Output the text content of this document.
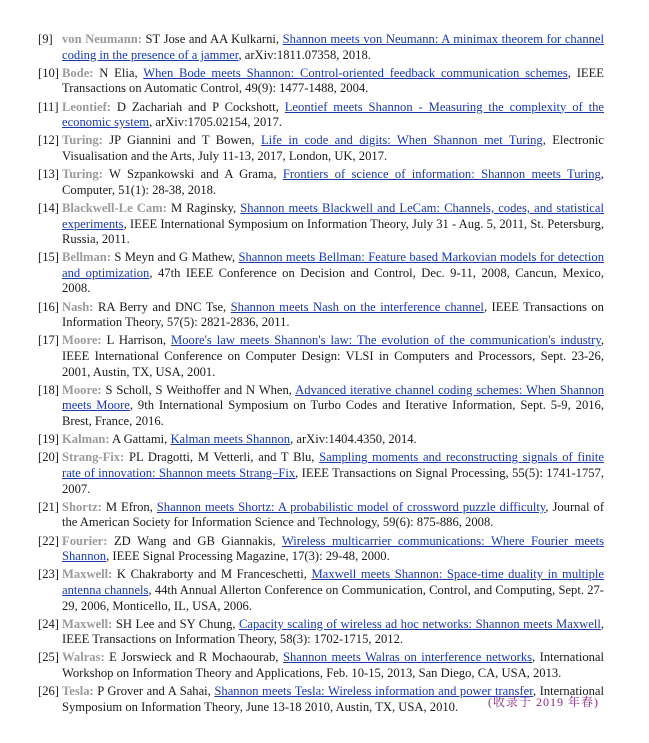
[9] von Neumann: ST Jose and AA Kulkarni, Shannon meets von Neumann: A minimax theorem for channel coding in the presence of a jammer, arXiv:1811.07358, 2018.
[10] Bode: N Elia, When Bode meets Shannon: Control-oriented feedback communication schemes, IEEE Transactions on Automatic Control, 49(9): 1477-1488, 2004.
[11] Leontief: D Zachariah and P Cockshott, Leontief meets Shannon - Measuring the complexity of the economic system, arXiv:1705.02154, 2017.
[12] Turing: JP Giannini and T Bowen, Life in code and digits: When Shannon met Turing, Electronic Visualisation and the Arts, July 11-13, 2017, London, UK, 2017.
[13] Turing: W Szpankowski and A Grama, Frontiers of science of information: Shannon meets Turing, Computer, 51(1): 28-38, 2018.
[14] Blackwell-Le Cam: M Raginsky, Shannon meets Blackwell and LeCam: Channels, codes, and statistical experiments, IEEE International Symposium on Information Theory, July 31 - Aug. 5, 2011, St. Petersburg, Russia, 2011.
[15] Bellman: S Meyn and G Mathew, Shannon meets Bellman: Feature based Markovian models for detection and optimization, 47th IEEE Conference on Decision and Control, Dec. 9-11, 2008, Cancun, Mexico, 2008.
[16] Nash: RA Berry and DNC Tse, Shannon meets Nash on the interference channel, IEEE Transactions on Information Theory, 57(5): 2821-2836, 2011.
[17] Moore: L Harrison, Moore's law meets Shannon's law: The evolution of the communication's industry, IEEE International Conference on Computer Design: VLSI in Computers and Processors, Sept. 23-26, 2001, Austin, TX, USA, 2001.
[18] Moore: S Scholl, S Weithoffer and N When, Advanced iterative channel coding schemes: When Shannon meets Moore, 9th International Symposium on Turbo Codes and Iterative Information, Sept. 5-9, 2016, Brest, France, 2016.
[19] Kalman: A Gattami, Kalman meets Shannon, arXiv:1404.4350, 2014.
[20] Strang-Fix: PL Dragotti, M Vetterli, and T Blu, Sampling moments and reconstructing signals of finite rate of innovation: Shannon meets Strang–Fix, IEEE Transactions on Signal Processing, 55(5): 1741-1757, 2007.
[21] Shortz: M Efron, Shannon meets Shortz: A probabilistic model of crossword puzzle difficulty, Journal of the American Society for Information Science and Technology, 59(6): 875-886, 2008.
[22] Fourier: ZD Wang and GB Giannakis, Wireless multicarrier communications: Where Fourier meets Shannon, IEEE Signal Processing Magazine, 17(3): 29-48, 2000.
[23] Maxwell: K Chakraborty and M Franceschetti, Maxwell meets Shannon: Space-time duality in multiple antenna channels, 44th Annual Allerton Conference on Communication, Control, and Computing, Sept. 27-29, 2006, Monticello, IL, USA, 2006.
[24] Maxwell: SH Lee and SY Chung, Capacity scaling of wireless ad hoc networks: Shannon meets Maxwell, IEEE Transactions on Information Theory, 58(3): 1702-1715, 2012.
[25] Walras: E Jorswieck and R Mochaourab, Shannon meets Walras on interference networks, International Workshop on Information Theory and Applications, Feb. 10-15, 2013, San Diego, CA, USA, 2013.
[26] Tesla: P Grover and A Sahai, Shannon meets Tesla: Wireless information and power transfer, International Symposium on Information Theory, June 13-18 2010, Austin, TX, USA, 2010.	(收录于 2019 年春)
